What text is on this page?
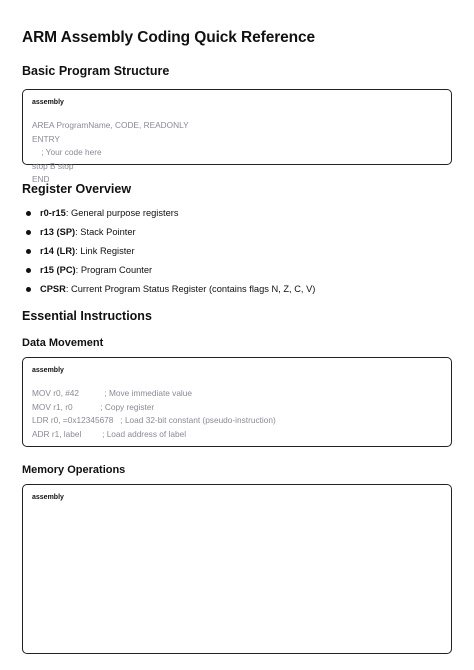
ARM Assembly Coding Quick Reference
Basic Program Structure
assembly
AREA ProgramName, CODE, READONLY
ENTRY
; Your code here
stop B stop
END
Register Overview
r0-r15: General purpose registers
r13 (SP): Stack Pointer
r14 (LR): Link Register
r15 (PC): Program Counter
CPSR: Current Program Status Register (contains flags N, Z, C, V)
Essential Instructions
Data Movement
assembly
MOV r0, #42           ; Move immediate value
MOV r1, r0            ; Copy register
LDR r0, =0x12345678   ; Load 32-bit constant (pseudo-instruction)
ADR r1, label         ; Load address of label
Memory Operations
assembly
